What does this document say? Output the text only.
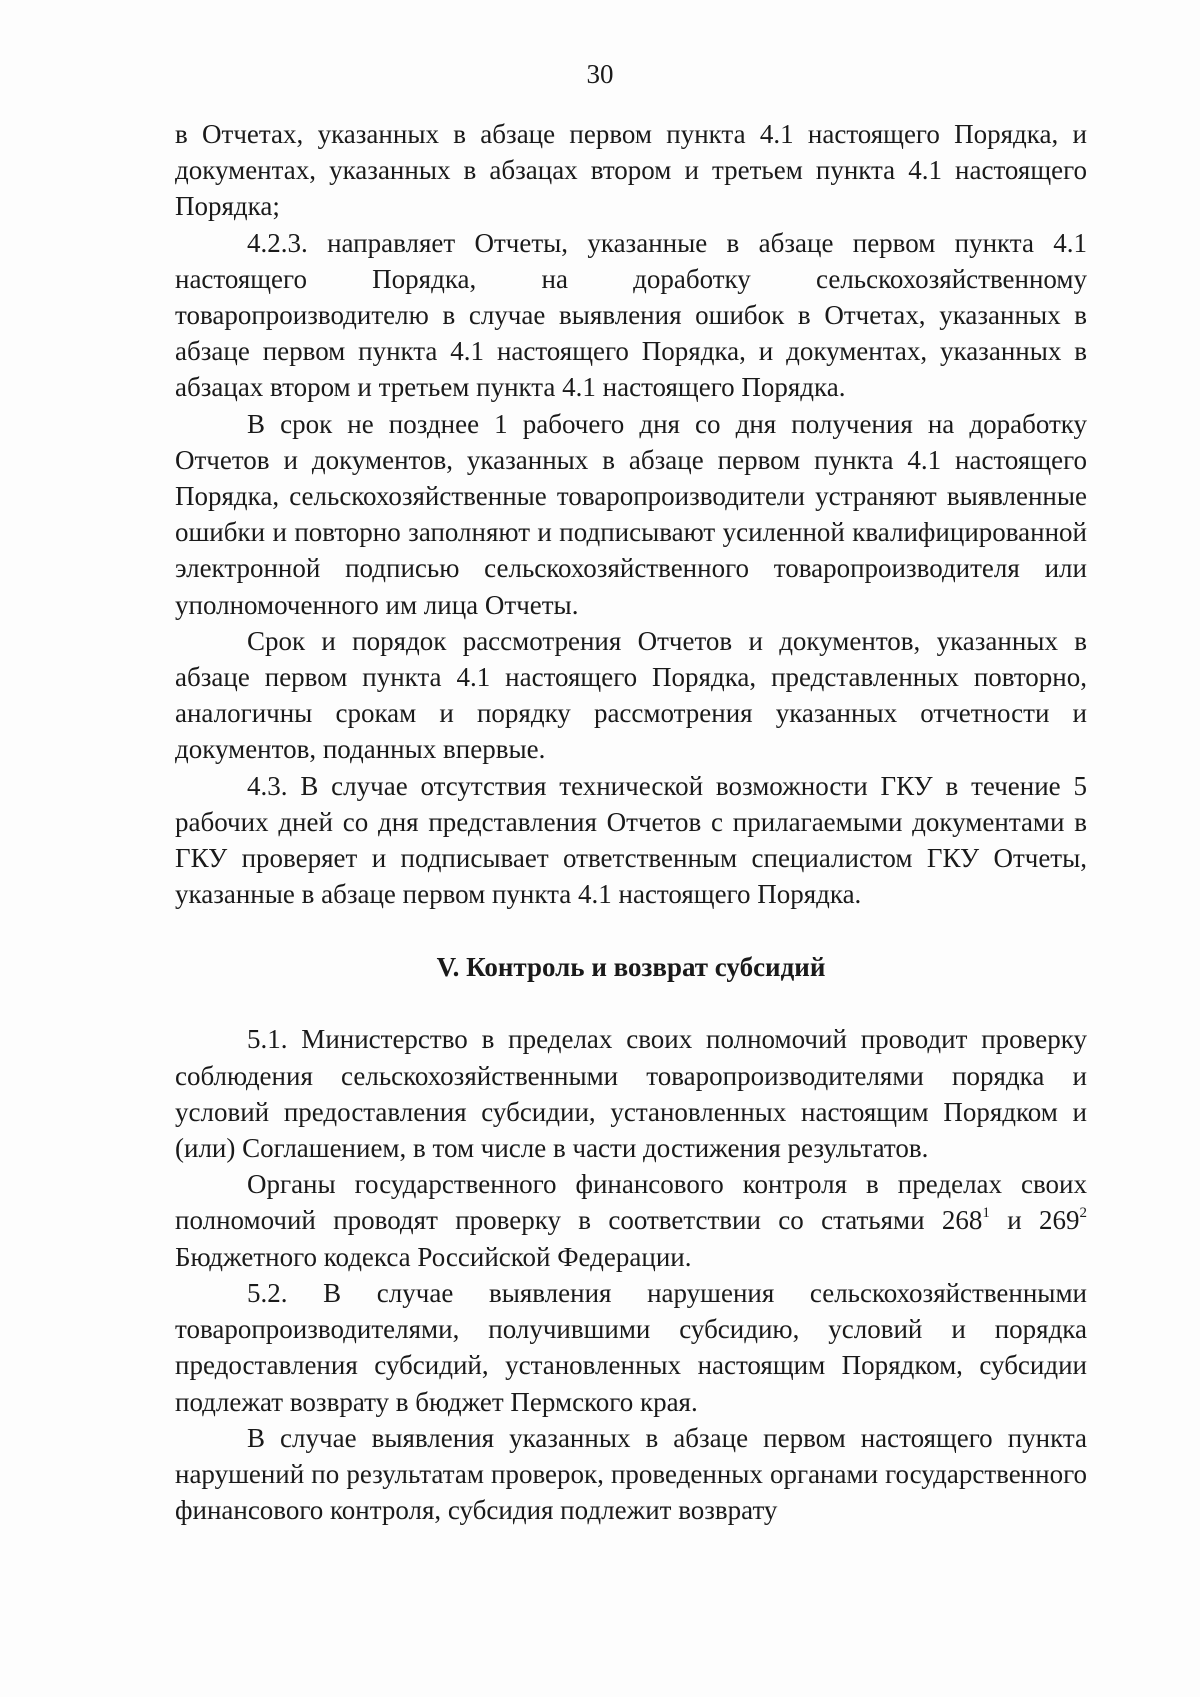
30

в Отчетах, указанных в абзаце первом пункта 4.1 настоящего Порядка, и документах, указанных в абзацах втором и третьем пункта 4.1 настоящего Порядка;

4.2.3. направляет Отчеты, указанные в абзаце первом пункта 4.1 настоящего Порядка, на доработку сельскохозяйственному товаропроизводителю в случае выявления ошибок в Отчетах, указанных в абзаце первом пункта 4.1 настоящего Порядка, и документах, указанных в абзацах втором и третьем пункта 4.1 настоящего Порядка.

В срок не позднее 1 рабочего дня со дня получения на доработку Отчетов и документов, указанных в абзаце первом пункта 4.1 настоящего Порядка, сельскохозяйственные товаропроизводители устраняют выявленные ошибки и повторно заполняют и подписывают усиленной квалифицированной электронной подписью сельскохозяйственного товаропроизводителя или уполномоченного им лица Отчеты.

Срок и порядок рассмотрения Отчетов и документов, указанных в абзаце первом пункта 4.1 настоящего Порядка, представленных повторно, аналогичны срокам и порядку рассмотрения указанных отчетности и документов, поданных впервые.

4.3. В случае отсутствия технической возможности ГКУ в течение 5 рабочих дней со дня представления Отчетов с прилагаемыми документами в ГКУ проверяет и подписывает ответственным специалистом ГКУ Отчеты, указанные в абзаце первом пункта 4.1 настоящего Порядка.

V. Контроль и возврат субсидий

5.1. Министерство в пределах своих полномочий проводит проверку соблюдения сельскохозяйственными товаропроизводителями порядка и условий предоставления субсидии, установленных настоящим Порядком и (или) Соглашением, в том числе в части достижения результатов.

Органы государственного финансового контроля в пределах своих полномочий проводят проверку в соответствии со статьями $268^1$ и $269^2$ Бюджетного кодекса Российской Федерации.

5.2. В случае выявления нарушения сельскохозяйственными товаропроизводителями, получившими субсидию, условий и порядка предоставления субсидий, установленных настоящим Порядком, субсидии подлежат возврату в бюджет Пермского края.

В случае выявления указанных в абзаце первом настоящего пункта нарушений по результатам проверок, проведенных органами государственного финансового контроля, субсидия подлежит возврату
